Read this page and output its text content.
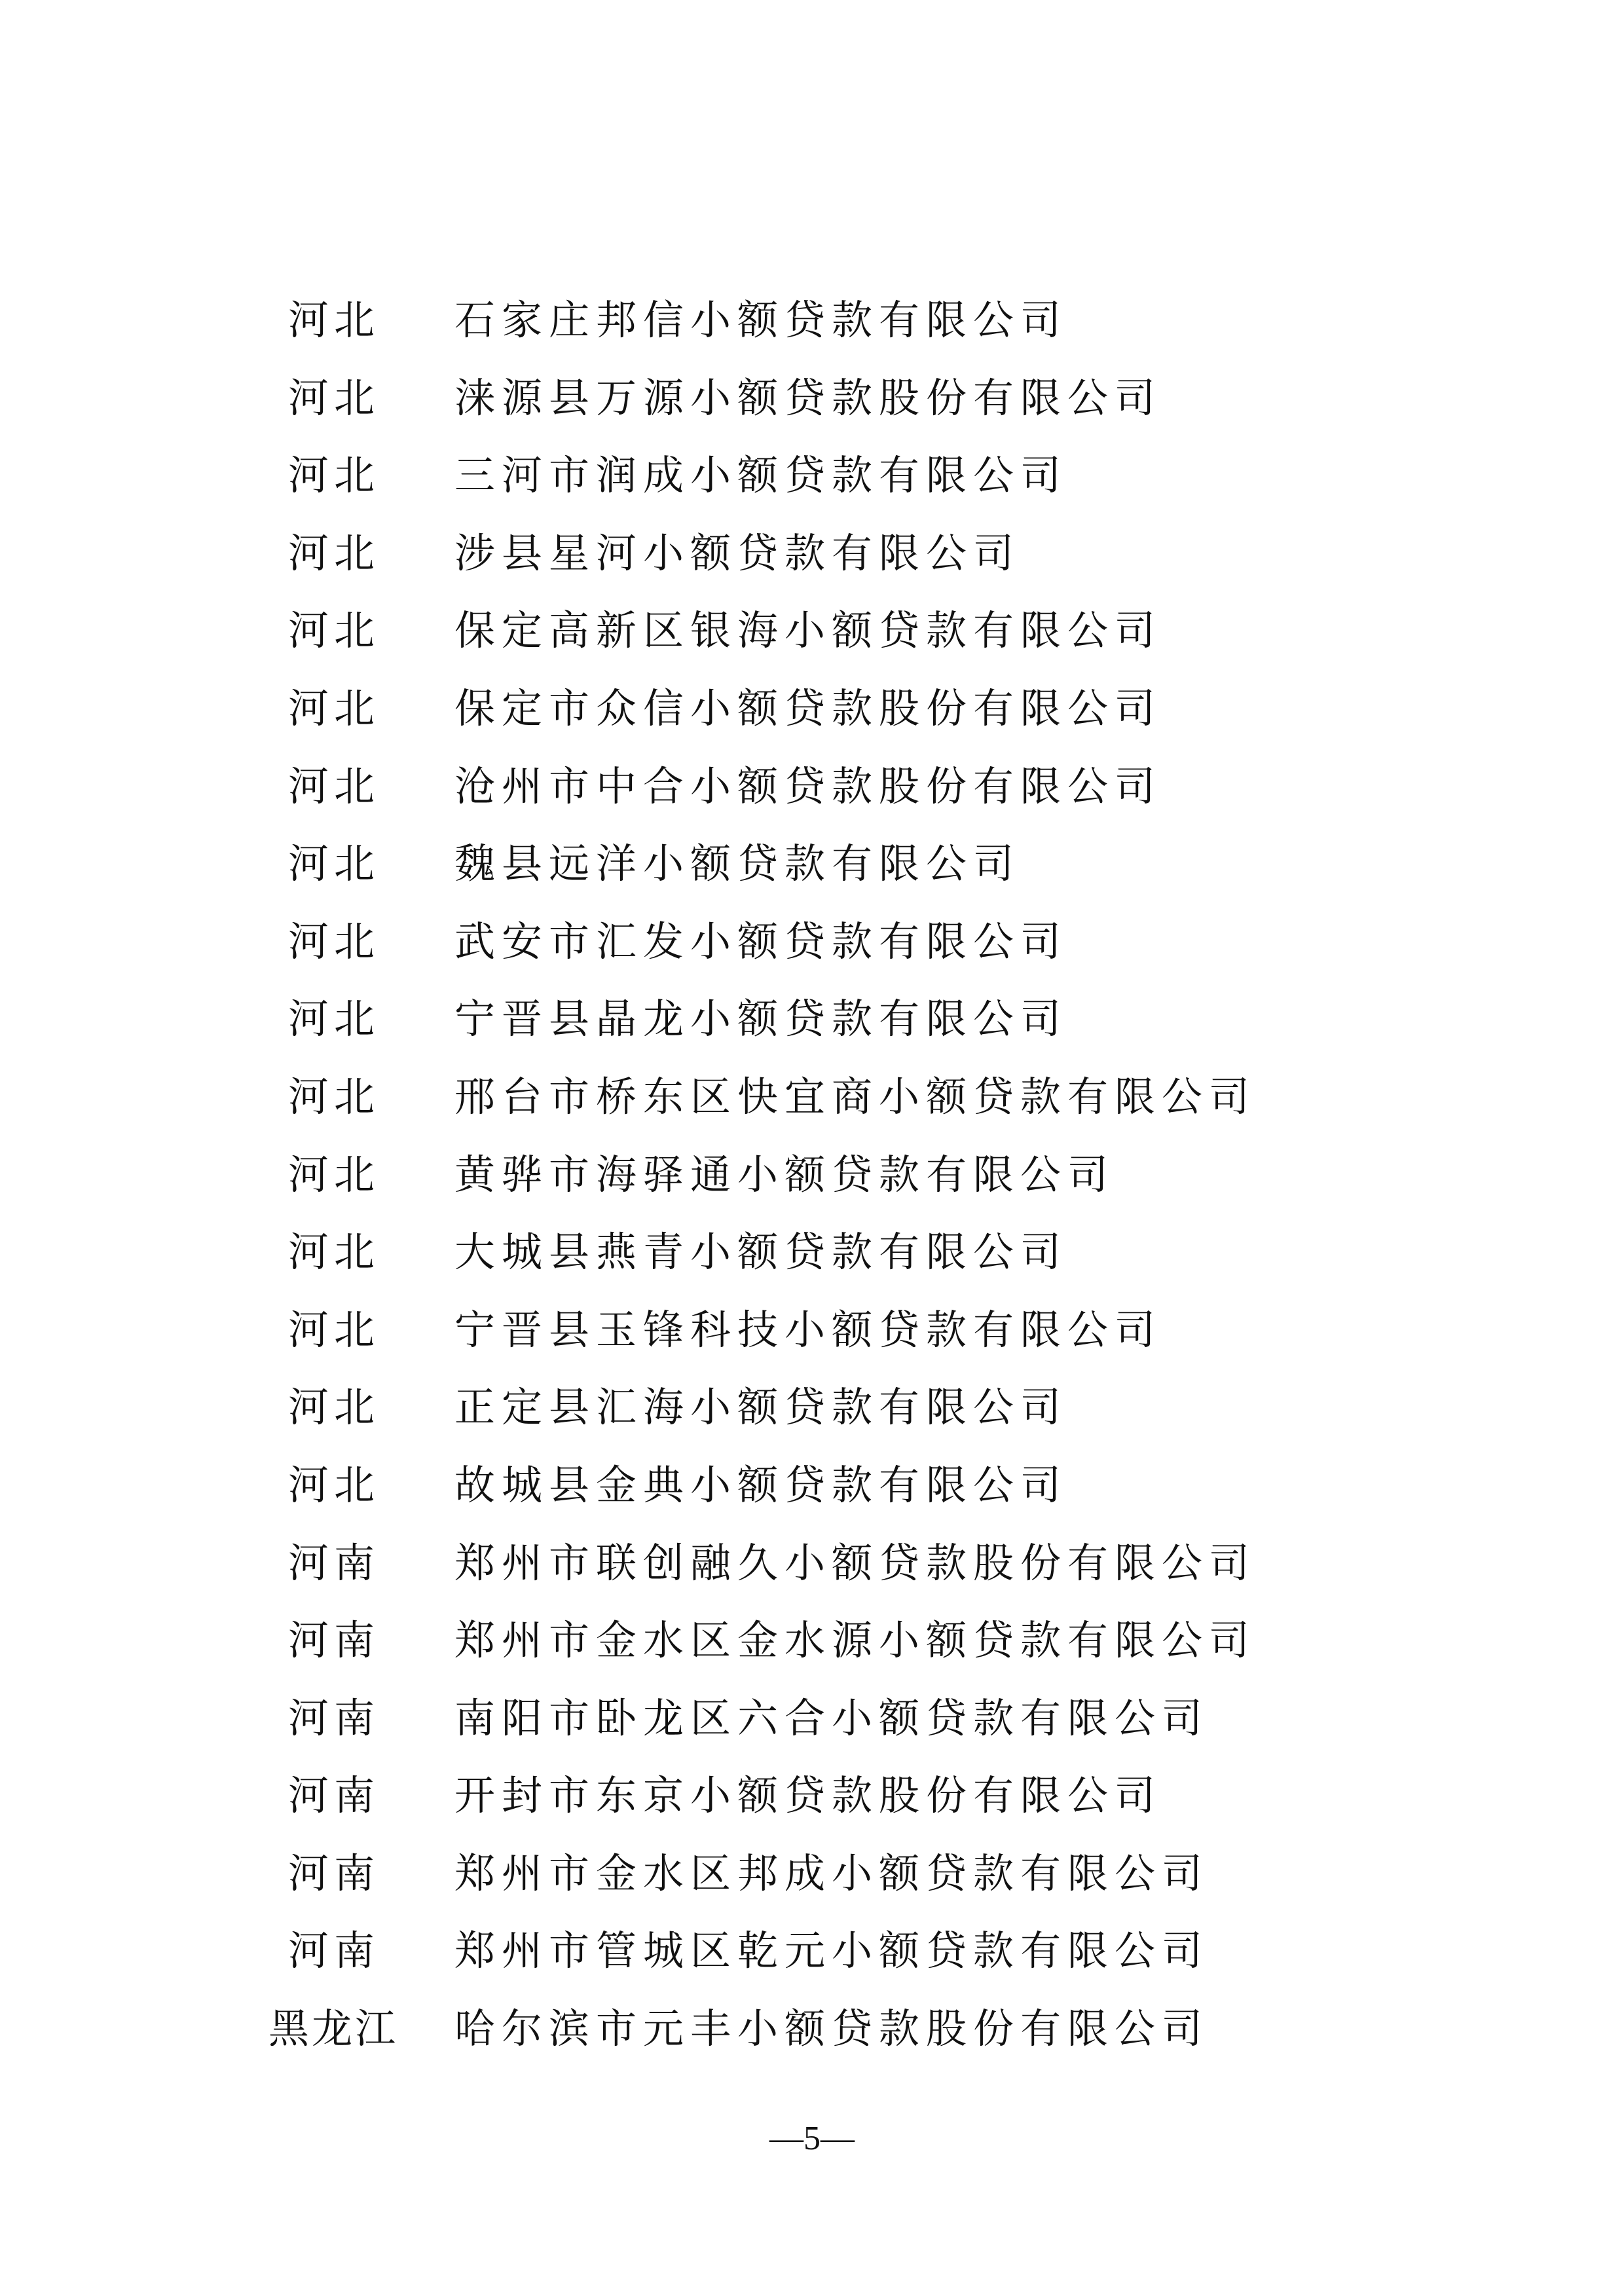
河北 石家庄邦信小额贷款有限公司
河北 涞源县万源小额贷款股份有限公司
河北 三河市润成小额贷款有限公司
河北 涉县星河小额贷款有限公司
河北 保定高新区银海小额贷款有限公司
河北 保定市众信小额贷款股份有限公司
河北 沧州市中合小额贷款股份有限公司
河北 魏县远洋小额贷款有限公司
河北 武安市汇发小额贷款有限公司
河北 宁晋县晶龙小额贷款有限公司
河北 邢台市桥东区快宜商小额贷款有限公司
河北 黄骅市海驿通小额贷款有限公司
河北 大城县燕青小额贷款有限公司
河北 宁晋县玉锋科技小额贷款有限公司
河北 正定县汇海小额贷款有限公司
河北 故城县金典小额贷款有限公司
河南 郑州市联创融久小额贷款股份有限公司
河南 郑州市金水区金水源小额贷款有限公司
河南 南阳市卧龙区六合小额贷款有限公司
河南 开封市东京小额贷款股份有限公司
河南 郑州市金水区邦成小额贷款有限公司
河南 郑州市管城区乾元小额贷款有限公司
黑龙江 哈尔滨市元丰小额贷款股份有限公司
—5—
